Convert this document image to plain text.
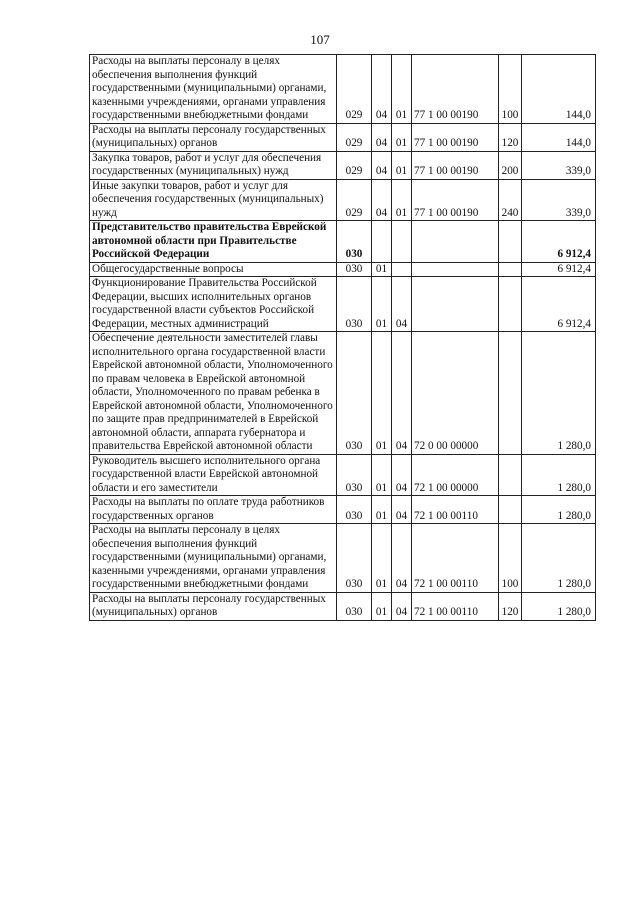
107
Расходы на выплаты персоналу в целях обеспечения выполнения функций государственными (муниципальными) органами, казенными учреждениями, органами управления государственными внебюджетными фондами	029	04	01	77 1 00 00190	100	144,0
Расходы на выплаты персоналу государственных (муниципальных) органов	029	04	01	77 1 00 00190	120	144,0
Закупка товаров, работ и услуг для обеспечения государственных (муниципальных) нужд	029	04	01	77 1 00 00190	200	339,0
Иные закупки товаров, работ и услуг для обеспечения государственных (муниципальных) нужд	029	04	01	77 1 00 00190	240	339,0
Представительство правительства Еврейской автономной области при Правительстве Российской Федерации	030					6 912,4
Общегосударственные вопросы	030	01				6 912,4
Функционирование Правительства Российской Федерации, высших исполнительных органов государственной власти субъектов Российской Федерации, местных администраций	030	01	04			6 912,4
Обеспечение деятельности заместителей главы исполнительного органа государственной власти Еврейской автономной области, Уполномоченного по правам человека в Еврейской автономной области, Уполномоченного по правам ребенка в Еврейской автономной области, Уполномоченного по защите прав предпринимателей в Еврейской автономной области, аппарата губернатора и правительства Еврейской автономной области	030	01	04	72 0 00 00000		1 280,0
Руководитель высшего исполнительного органа государственной власти Еврейской автономной области и его заместители	030	01	04	72 1 00 00000		1 280,0
Расходы на выплаты по оплате труда работников государственных органов	030	01	04	72 1 00 00110		1 280,0
Расходы на выплаты персоналу в целях обеспечения выполнения функций государственными (муниципальными) органами, казенными учреждениями, органами управления государственными внебюджетными фондами	030	01	04	72 1 00 00110	100	1 280,0
Расходы на выплаты персоналу государственных (муниципальных) органов	030	01	04	72 1 00 00110	120	1 280,0
